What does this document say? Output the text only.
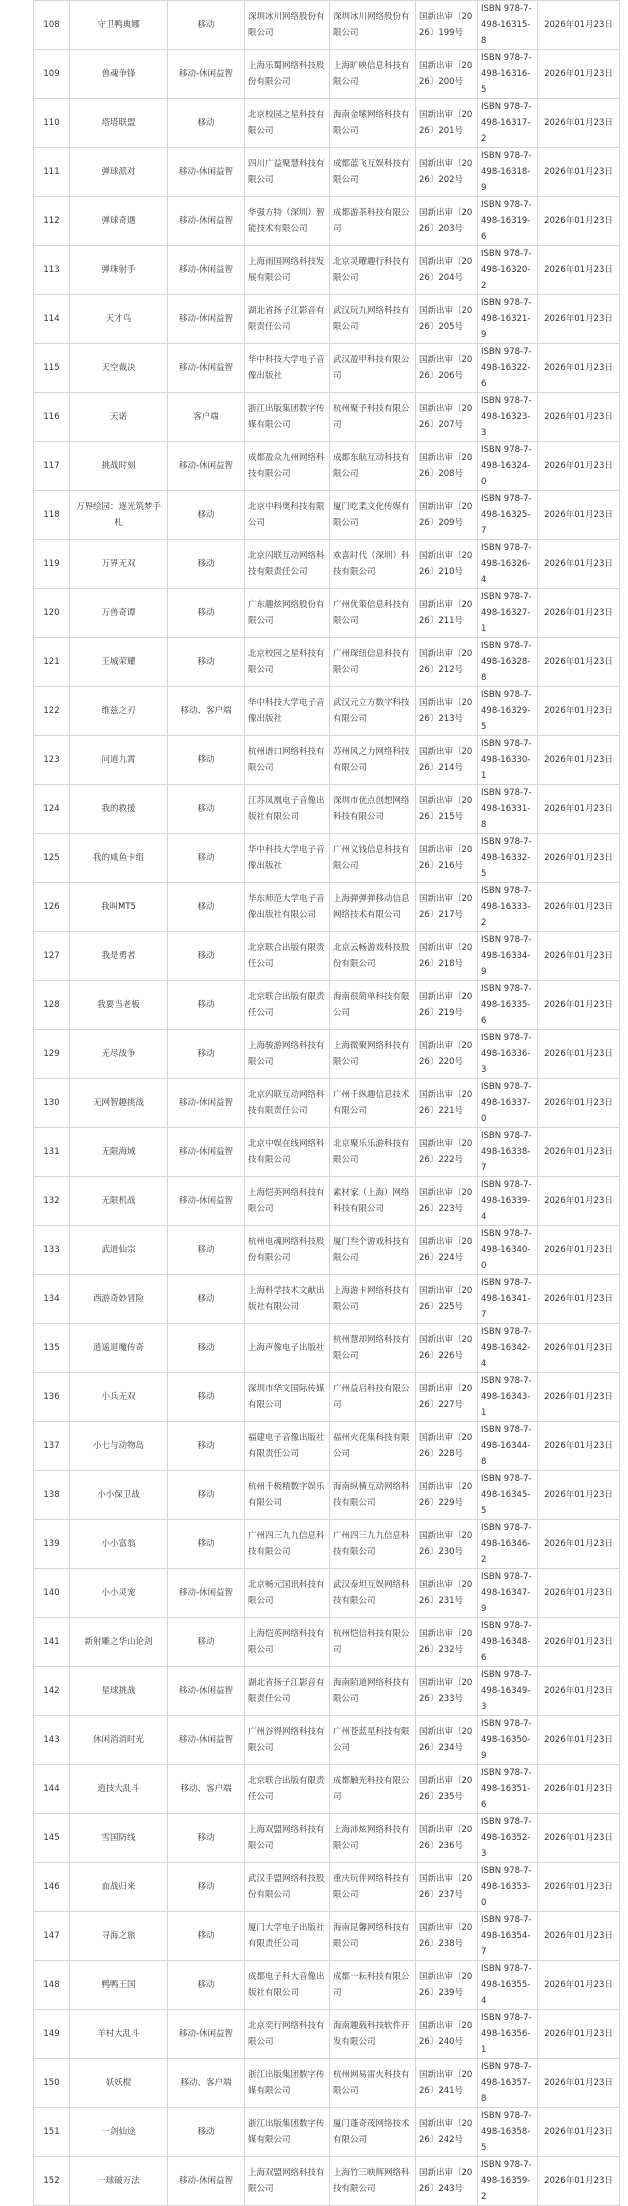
108	守卫鸭典娜	移动	深圳冰川网络股份有限公司	深圳冰川网络股份有限公司	国新出审〔2026〕199号	ISBN 978-7-498-16315-8	2026年01月23日
109	兽魂争锋	移动-休闲益智	上海乐蜀网络科技股份有限公司	上海旷映信息科技有限公司	国新出审〔2026〕200号	ISBN 978-7-498-16316-5	2026年01月23日
110	塔塔联盟	移动	北京校园之星科技有限公司	海南金嗦网络科技有限公司	国新出审〔2026〕201号	ISBN 978-7-498-16317-2	2026年01月23日
111	弹球派对	移动-休闲益智	四川广益聚慧科技有限公司	成都蓝飞互娱科技有限公司	国新出审〔2026〕202号	ISBN 978-7-498-16318-9	2026年01月23日
112	弹球奇遇	移动-休闲益智	华强方特（深圳）智能技术有限公司	成都游茶科技有限公司	国新出审〔2026〕203号	ISBN 978-7-498-16319-6	2026年01月23日
113	弹珠射手	移动-休闲益智	上海雨国网络科技发展有限公司	北京灵曜趣行科技有限公司	国新出审〔2026〕204号	ISBN 978-7-498-16320-2	2026年01月23日
114	天才鸟	移动-休闲益智	湖北省扬子江影音有限责任公司	武汉玩九网络科技有限公司	国新出审〔2026〕205号	ISBN 978-7-498-16321-9	2026年01月23日
115	天空裁决	移动-休闲益智	华中科技大学电子音像出版社	武汉盈甲科技有限公司	国新出审〔2026〕206号	ISBN 978-7-498-16322-6	2026年01月23日
116	天诺	客户端	浙江出版集团数字传媒有限公司	杭州聚予科技有限公司	国新出审〔2026〕207号	ISBN 978-7-498-16323-3	2026年01月23日
117	挑战时刻	移动-休闲益智	成都盈众九州网络科技有限公司	成都东航互动科技有限公司	国新出审〔2026〕208号	ISBN 978-7-498-16324-0	2026年01月23日
118	万界绘园：逐光筑梦手札	移动	北京中科奥科技有限公司	厦门吃柔文化传媒有限公司	国新出审〔2026〕209号	ISBN 978-7-498-16325-7	2026年01月23日
119	万界无双	移动	北京闪联互动网络科技有限责任公司	欢喜时代（深圳）科技有限公司	国新出审〔2026〕210号	ISBN 978-7-498-16326-4	2026年01月23日
120	万兽奇谭	移动	广东趣炫网络股份有限公司	广州优策信息科技有限公司	国新出审〔2026〕211号	ISBN 978-7-498-16327-1	2026年01月23日
121	王城荣耀	移动	北京校园之星科技有限公司	广州琛纽信息科技有限公司	国新出审〔2026〕212号	ISBN 978-7-498-16328-8	2026年01月23日
122	维兹之刃	移动、客户端	华中科技大学电子音像出版社	武汉元立方数字科技有限公司	国新出审〔2026〕213号	ISBN 978-7-498-16329-5	2026年01月23日
123	问道九霄	移动	杭州谱口网络科技有限公司	苏州风之力网络科技有限公司	国新出审〔2026〕214号	ISBN 978-7-498-16330-1	2026年01月23日
124	我的救援	移动	江苏凤凰电子音像出版社有限公司	深圳市优点创想网络科技有限公司	国新出审〔2026〕215号	ISBN 978-7-498-16331-8	2026年01月23日
125	我的咸鱼卡组	移动	华中科技大学电子音像出版社	广州义钱信息科技有限公司	国新出审〔2026〕216号	ISBN 978-7-498-16332-5	2026年01月23日
126	我叫MT5	移动	华东师范大学电子音像出版社有限公司	上海弹弹弹移动信息网络技术有限公司	国新出审〔2026〕217号	ISBN 978-7-498-16333-2	2026年01月23日
127	我是勇者	移动	北京联合出版有限责任公司	北京云畅游戏科技股份有限公司	国新出审〔2026〕218号	ISBN 978-7-498-16334-9	2026年01月23日
128	我要当老板	移动	北京联合出版有限责任公司	海南很简单科技有限公司	国新出审〔2026〕219号	ISBN 978-7-498-16335-6	2026年01月23日
129	无尽战争	移动	上海骏游网络科技有限公司	上海微聚网络科技有限公司	国新出审〔2026〕220号	ISBN 978-7-498-16336-3	2026年01月23日
130	无网智趣挑战	移动-休闲益智	北京闪联互动网络科技有限责任公司	广州千纵趣信息技术有限公司	国新出审〔2026〕221号	ISBN 978-7-498-16337-0	2026年01月23日
131	无限海域	移动-休闲益智	北京中娱在线网络科技有限公司	北京聚乐乐游科技有限公司	国新出审〔2026〕222号	ISBN 978-7-498-16338-7	2026年01月23日
132	无限机战	移动-休闲益智	上海恺英网络科技有限公司	素材家（上海）网络科技有限公司	国新出审〔2026〕223号	ISBN 978-7-498-16339-4	2026年01月23日
133	武道仙宗	移动	杭州电魂网络科技股份有限公司	厦门叁个游戏科技有限公司	国新出审〔2026〕224号	ISBN 978-7-498-16340-0	2026年01月23日
134	西游奇妙冒险	移动	上海科学技术文献出版社有限公司	上海游卡网络科技有限公司	国新出审〔2026〕225号	ISBN 978-7-498-16341-7	2026年01月23日
135	逍遥退魔传奇	移动	上海声像电子出版社	杭州慧却网络科技有限公司	国新出审〔2026〕226号	ISBN 978-7-498-16342-4	2026年01月23日
136	小兵无双	移动	深圳市华文国际传媒有限公司	广州益启科技有限公司	国新出审〔2026〕227号	ISBN 978-7-498-16343-1	2026年01月23日
137	小七与动物岛	移动	福建电子音像出版社有限责任公司	福州火花集科技有限公司	国新出审〔2026〕228号	ISBN 978-7-498-16344-8	2026年01月23日
138	小小保卫战	移动	杭州千极精数字娱乐有限公司	海南纵横互动网络科技有限公司	国新出审〔2026〕229号	ISBN 978-7-498-16345-5	2026年01月23日
139	小小富翁	移动	广州四三九九信息科技有限公司	广州四三九九信息科技有限公司	国新出审〔2026〕230号	ISBN 978-7-498-16346-2	2026年01月23日
140	小小灵宠	移动-休闲益智	北京畅元国讯科技有限公司	武汉泰坦互娱网络科技有限公司	国新出审〔2026〕231号	ISBN 978-7-498-16347-9	2026年01月23日
141	新射雕之华山论剑	移动	上海恺英网络科技有限公司	杭州恺信科技有限公司	国新出审〔2026〕232号	ISBN 978-7-498-16348-6	2026年01月23日
142	星球挑战	移动-休闲益智	湖北省扬子江影音有限责任公司	海南陌道网络科技有限公司	国新出审〔2026〕233号	ISBN 978-7-498-16349-3	2026年01月23日
143	休闲消消时光	移动-休闲益智	广州谷得网络科技有限公司	广州苍蓝星科技有限公司	国新出审〔2026〕234号	ISBN 978-7-498-16350-9	2026年01月23日
144	逍技大乱斗	移动、客户端	北京联合出版有限责任公司	成都触光科技有限公司	国新出审〔2026〕235号	ISBN 978-7-498-16351-6	2026年01月23日
145	雪国防线	移动	上海双盟网络科技有限公司	上海沛炫网络科技有限公司	国新出审〔2026〕236号	ISBN 978-7-498-16352-3	2026年01月23日
146	血战归来	移动	武汉手盟网络科技股份有限公司	重庆玩伴网络科技有限公司	国新出审〔2026〕237号	ISBN 978-7-498-16353-0	2026年01月23日
147	寻海之旅	移动	厦门大学电子出版社有限责任公司	海南昆馨网络科技有限公司	国新出审〔2026〕238号	ISBN 978-7-498-16354-7	2026年01月23日
148	鸭鸭王国	移动	成都电子科大音像出版社有限公司	成都一耘科技有限公司	国新出审〔2026〕239号	ISBN 978-7-498-16355-4	2026年01月23日
149	羊村大乱斗	移动-休闲益智	北京奕行网络科技有限公司	海南趣载科技软件开发有限公司	国新出审〔2026〕240号	ISBN 978-7-498-16356-1	2026年01月23日
150	妖妖棍	移动、客户端	浙江出版集团数字传媒有限公司	杭州网易雷火科技有限公司	国新出审〔2026〕241号	ISBN 978-7-498-16357-8	2026年01月23日
151	一剑仙途	移动	浙江出版集团数字传媒有限公司	厦门蓬奇茂网络技术有限公司	国新出审〔2026〕242号	ISBN 978-7-498-16358-5	2026年01月23日
152	一球破万法	移动-休闲益智	上海双盟网络科技有限公司	上海竹三映辉网络科技有限公司	国新出审〔2026〕243号	ISBN 978-7-498-16359-2	2026年01月23日
